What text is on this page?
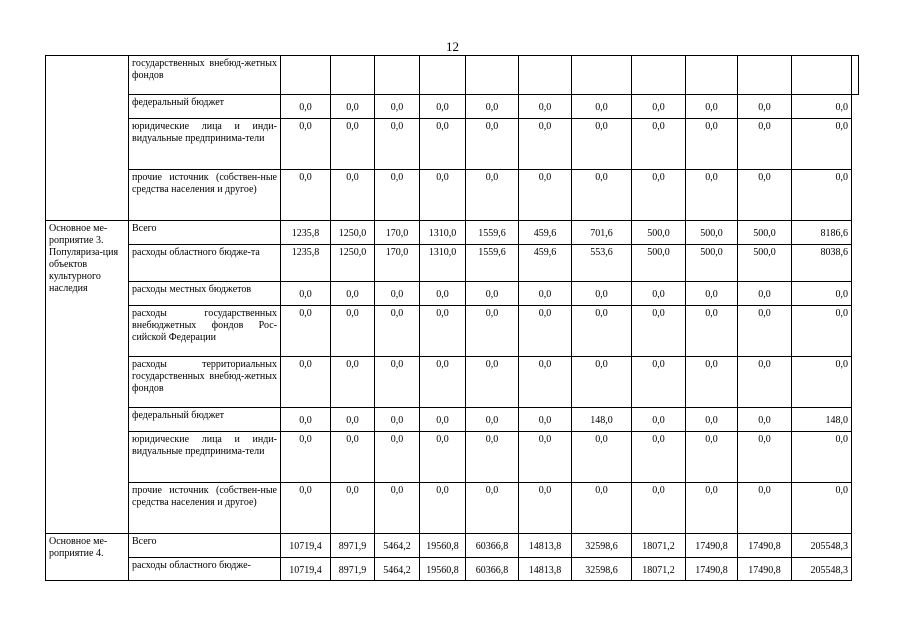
12
	государственных внебюд-жетных фондов												
	федеральный бюджет	0,0	0,0	0,0	0,0	0,0	0,0	0,0	0,0	0,0	0,0	0,0	
	юридические лица и инди-видуальные предпринима-тели	0,0	0,0	0,0	0,0	0,0	0,0	0,0	0,0	0,0	0,0	0,0	
	прочие источник (собствен-ные средства населения и другое)	0,0	0,0	0,0	0,0	0,0	0,0	0,0	0,0	0,0	0,0	0,0	
Основное ме-роприятие 3. Популяриза-ция объектов культурного наследия	Всего	1235,8	1250,0	170,0	1310,0	1559,6	459,6	701,6	500,0	500,0	500,0	8186,6	
	расходы областного бюдже-та	1235,8	1250,0	170,0	1310,0	1559,6	459,6	553,6	500,0	500,0	500,0	8038,6	
	расходы местных бюджетов	0,0	0,0	0,0	0,0	0,0	0,0	0,0	0,0	0,0	0,0	0,0	
	расходы государственных внебюджетных фондов Рос-сийской Федерации	0,0	0,0	0,0	0,0	0,0	0,0	0,0	0,0	0,0	0,0	0,0	
	расходы территориальных государственных внебюд-жетных фондов	0,0	0,0	0,0	0,0	0,0	0,0	0,0	0,0	0,0	0,0	0,0	
	федеральный бюджет	0,0	0,0	0,0	0,0	0,0	0,0	148,0	0,0	0,0	0,0	148,0	
	юридические лица и инди-видуальные предпринима-тели	0,0	0,0	0,0	0,0	0,0	0,0	0,0	0,0	0,0	0,0	0,0	
	прочие источник (собствен-ные средства населения и другое)	0,0	0,0	0,0	0,0	0,0	0,0	0,0	0,0	0,0	0,0	0,0	
Основное ме-роприятие 4.	Всего	10719,4	8971,9	5464,2	19560,8	60366,8	14813,8	32598,6	18071,2	17490,8	17490,8	205548,3	
	расходы областного бюдже-	10719,4	8971,9	5464,2	19560,8	60366,8	14813,8	32598,6	18071,2	17490,8	17490,8	205548,3	
